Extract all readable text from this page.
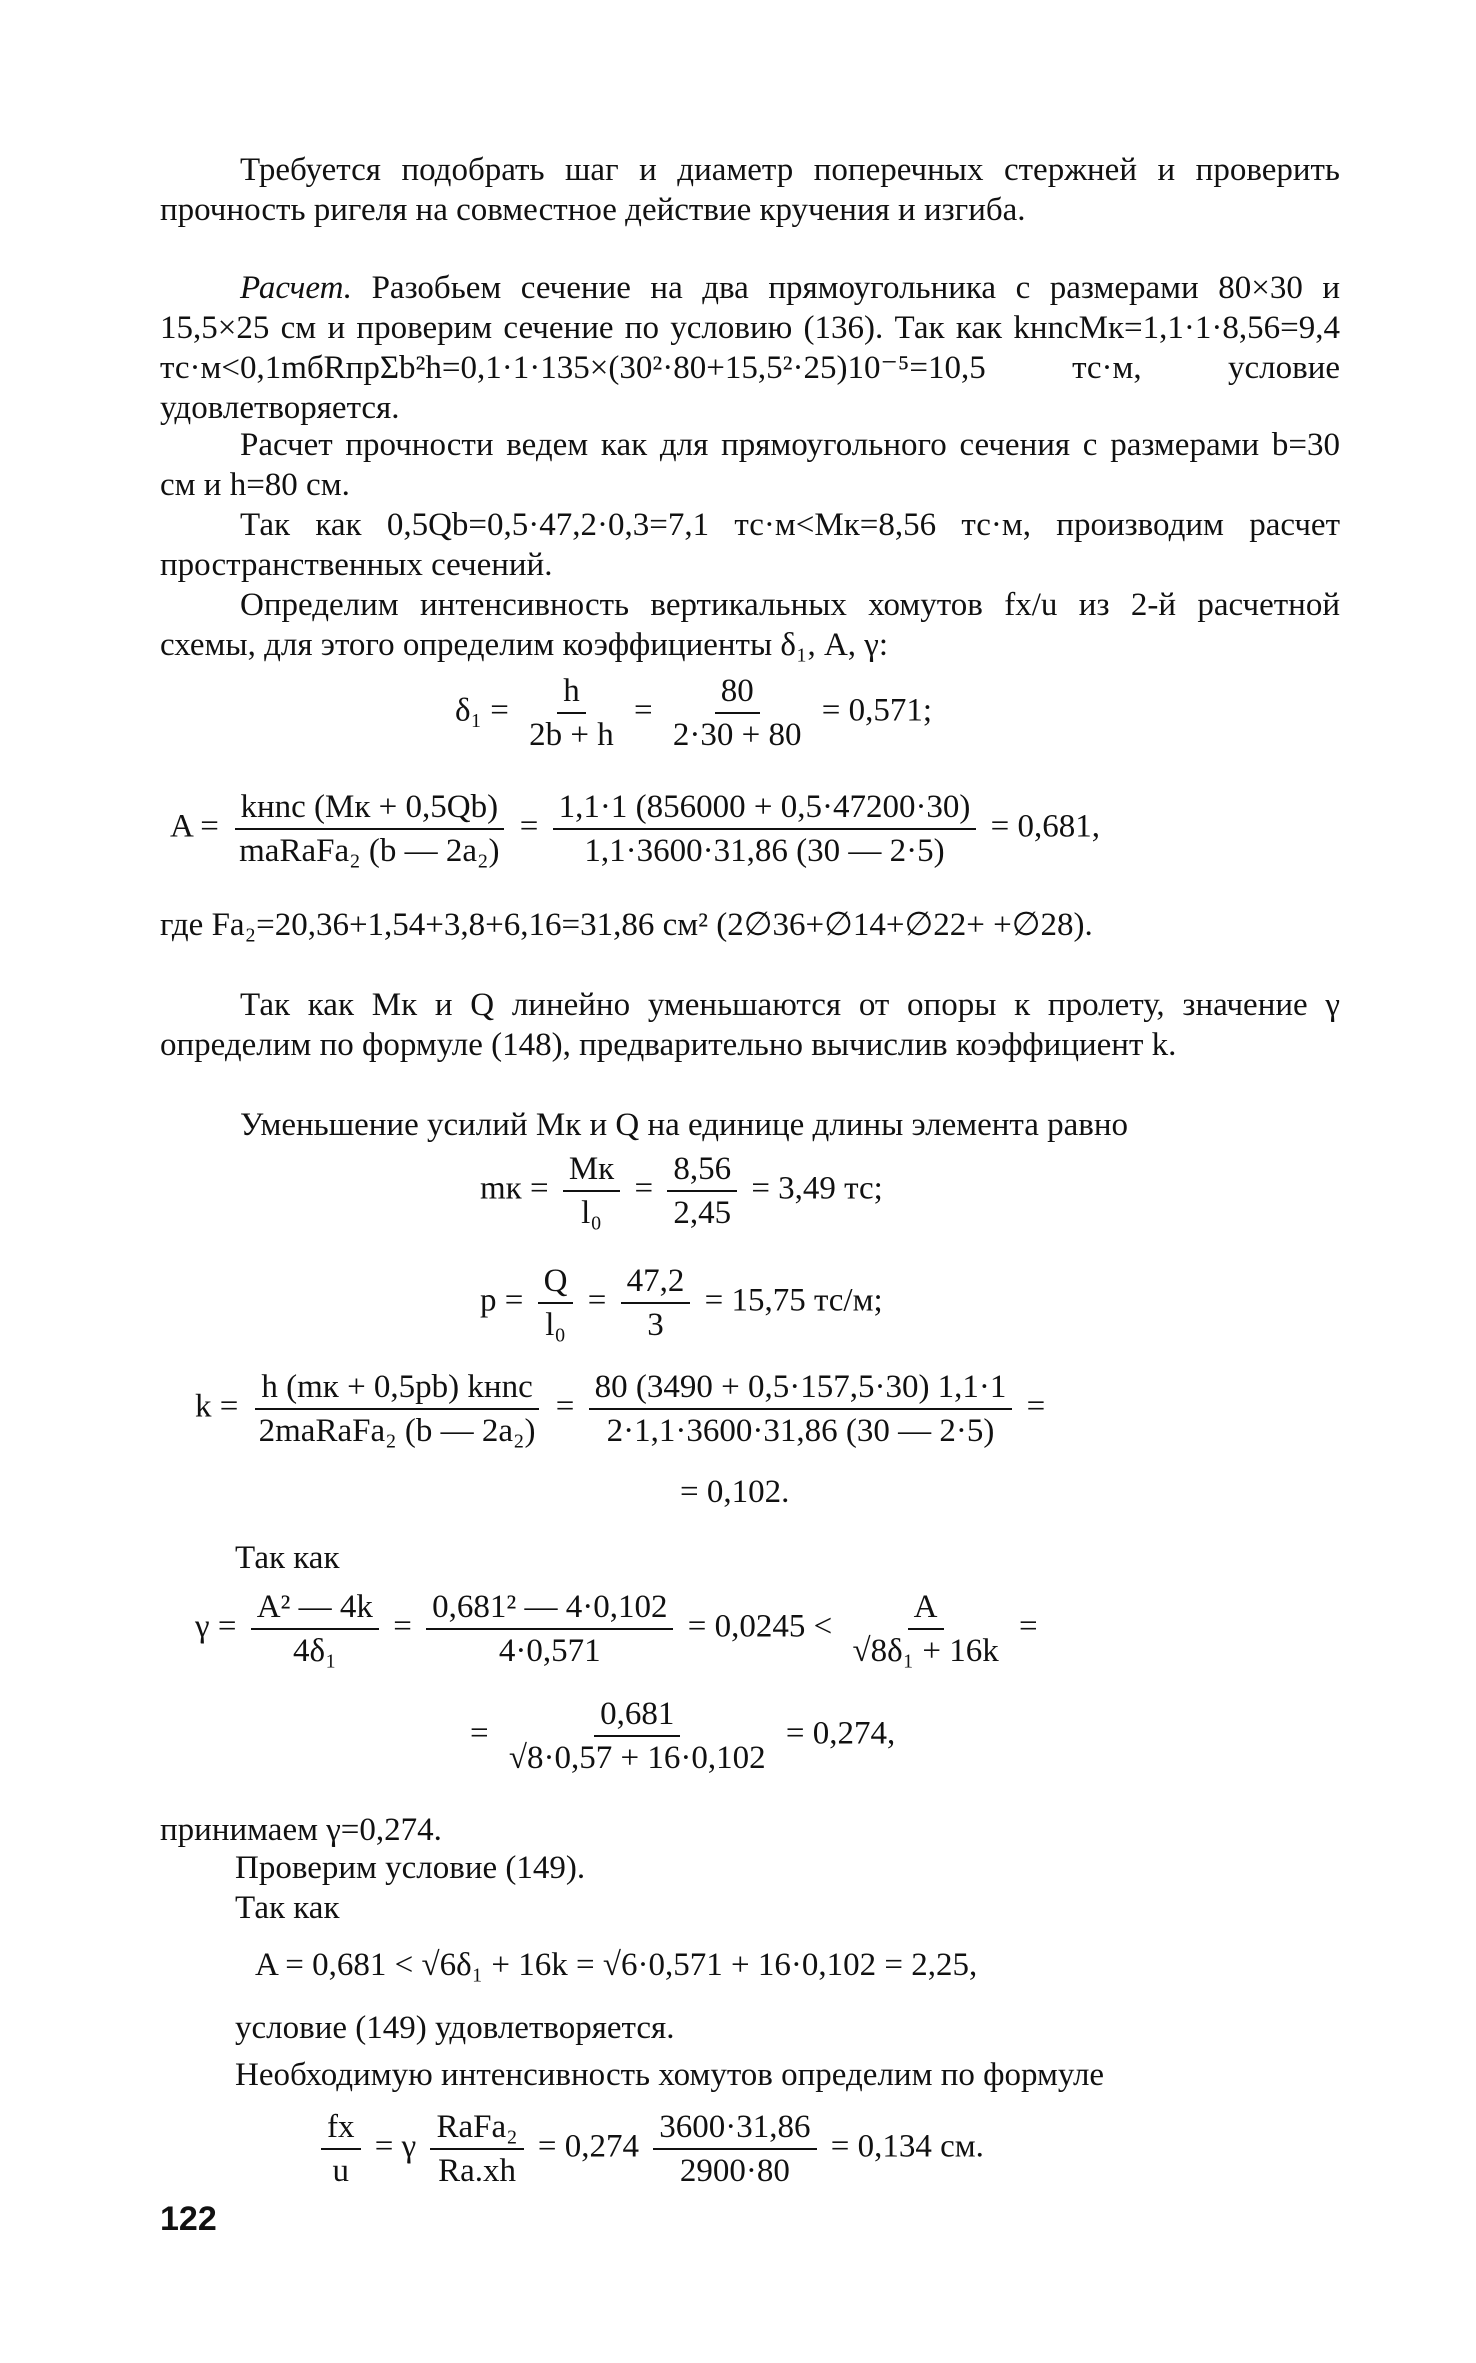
Требуется подобрать шаг и диаметр поперечных стержней и проверить прочность ригеля на совместное действие кручения и изгиба.
Расчет. Разобьем сечение на два прямоугольника с размерами 80×30 и 15,5×25 см и проверим сечение по условию (136). Так как kнncMк=1,1·1·8,56=9,4 тс·м<0,1mбRпрΣb²h=0,1·1·135×(30²·80+15,5²·25)10⁻⁵=10,5 тс·м, условие удовлетворяется.
Расчет прочности ведем как для прямоугольного сечения с размерами b=30 см и h=80 см.
Так как 0,5Qb=0,5·47,2·0,3=7,1 тс·м<Mк=8,56 тс·м, производим расчет пространственных сечений.
Определим интенсивность вертикальных хомутов fx/u из 2-й расчетной схемы, для этого определим коэффициенты δ₁, A, γ:
$\delta_1 = \frac{h}{2b + h} = \frac{80}{2\cdot 30 + 80} = 0,571$;
$A = \frac{\text{kнnc (Mк + 0,5Qb)}}{\text{maRaFa₂ (b — 2a₂)}} = \frac{1,1\cdot 1 (856000 + 0,5\cdot 47200\cdot 30)}{1,1\cdot 3600\cdot 31,86 (30 — 2\cdot 5)} = 0,681$,
где Fa₂=20,36+1,54+3,8+6,16=31,86 см² (2∅36+∅14+∅22+ +∅28).
Так как Mк и Q линейно уменьшаются от опоры к пролету, значение γ определим по формуле (148), предварительно вычислив коэффициент k.
Уменьшение усилий Mк и Q на единице длины элемента равно
mк = $\frac{Mк}{\text{l₀}} = \frac{8,56}{2,45} = 3,49$ тс;
$p = \frac{Q}{\text{l₀}} = \frac{47,2}{3} = 15,75$ тс/м;
$k = \frac{\text{h (mк + 0,5pb) kнnc}}{\text{2maRaFa₂ (b — 2a₂)}} = \frac{80 (3490 + 0,5\cdot 157,5\cdot 30) 1,1\cdot 1}{2\cdot 1,1\cdot 3600\cdot 31,86 (30 — 2\cdot 5)}$ =
= 0,102.
Так как
$\gamma = \frac{\text{A² — 4k}}{\text{4δ₁}} = \frac{\text{0,681² — 4·0,102}}{4\cdot 0,571} = 0,0245 < \frac{A}{\text{√8δ₁ + 16k}}$ =
= $\frac{0,681}{√8\cdot 0,57 + 16\cdot 0,102} = 0,274$,
принимаем γ=0,274.
Проверим условие (149).
Так как
A = 0,681 < √6δ₁ + 16k = √6·0,571 + 16·0,102 = 2,25,
условие (149) удовлетворяется.
Необходимую интенсивность хомутов определим по формуле
$\frac{fx}{u} = \gamma \frac{\text{RaFa₂}}{Ra.xh} = 0,274 \frac{3600\cdot 31,86}{2900\cdot 80} = 0,134$ см.
122
